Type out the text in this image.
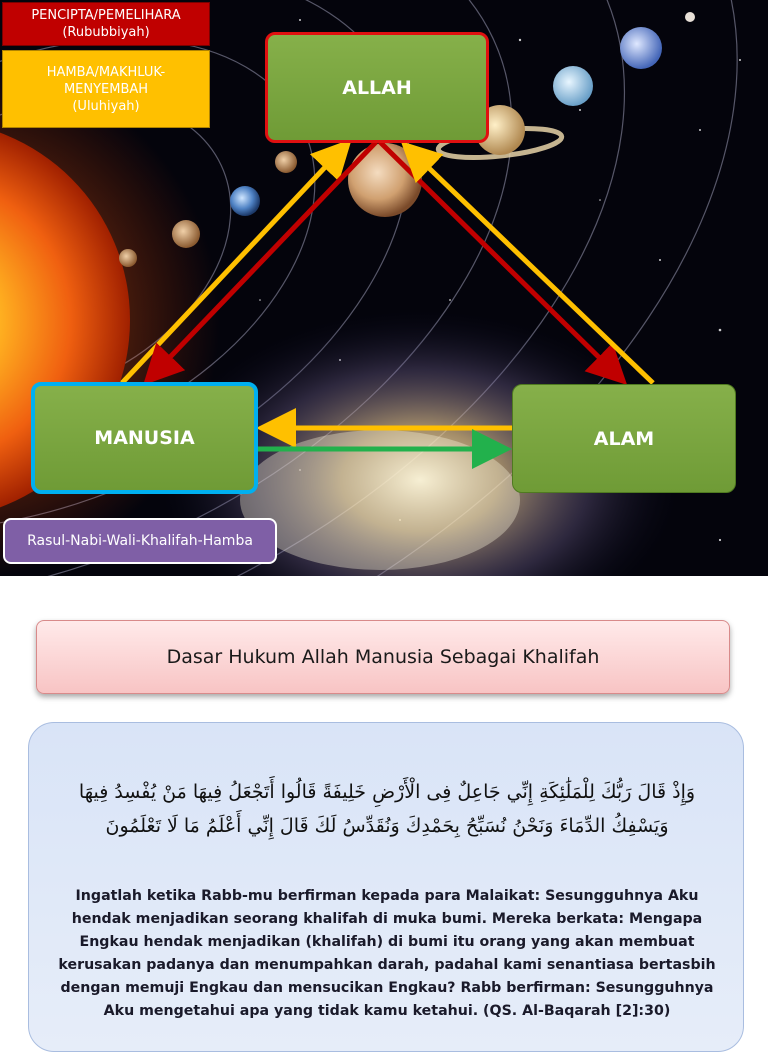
PENCIPTA/PEMELIHARA
(Rububbiyah)
HAMBA/MAKHLUK-
MENYEMBAH
(Uluhiyah)
ALLAH
MANUSIA	ALAM
Rasul-Nabi-Wali-Khalifah-Hamba
Dasar Hukum Allah Manusia Sebagai Khalifah
وَإِذْ قَالَ رَبُّكَ لِلْمَلَٰئِكَةِ إِنِّي جَاعِلٌ فِى الْأَرْضِ خَلِيفَةً قَالُوا أَتَجْعَلُ فِيهَا مَنْ يُفْسِدُ فِيهَا
وَيَسْفِكُ الدِّمَاءَ وَنَحْنُ نُسَبِّحُ بِحَمْدِكَ وَنُقَدِّسُ لَكَ قَالَ إِنِّي أَعْلَمُ مَا لَا تَعْلَمُونَ
Ingatlah ketika Rabb-mu berfirman kepada para Malaikat: Sesungguhnya Aku hendak menjadikan seorang khalifah di muka bumi. Mereka berkata: Mengapa Engkau hendak menjadikan (khalifah) di bumi itu orang yang akan membuat kerusakan padanya dan menumpahkan darah, padahal kami senantiasa bertasbih dengan memuji Engkau dan mensucikan Engkau? Rabb berfirman: Sesungguhnya Aku mengetahui apa yang tidak kamu ketahui. (QS. Al-Baqarah [2]:30)
